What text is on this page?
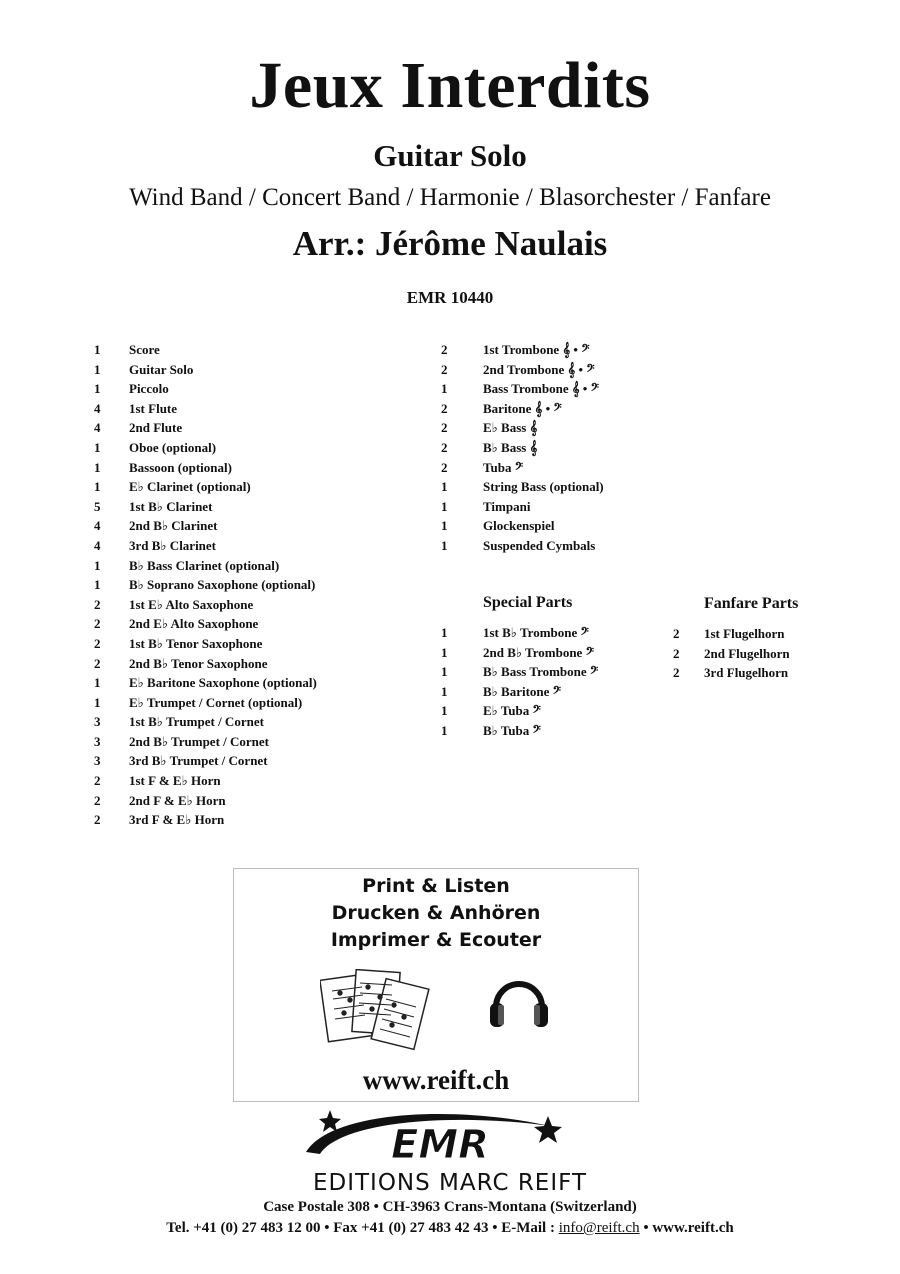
Jeux Interdits
Guitar Solo
Wind Band / Concert Band / Harmonie / Blasorchester / Fanfare
Arr.: Jérôme Naulais
EMR 10440
1 Score
1 Guitar Solo
1 Piccolo
4 1st Flute
4 2nd Flute
1 Oboe (optional)
1 Bassoon (optional)
1 E♭ Clarinet (optional)
5 1st B♭ Clarinet
4 2nd B♭ Clarinet
4 3rd B♭ Clarinet
1 B♭ Bass Clarinet (optional)
1 B♭ Soprano Saxophone (optional)
2 1st E♭ Alto Saxophone
2 2nd E♭ Alto Saxophone
2 1st B♭ Tenor Saxophone
2 2nd B♭ Tenor Saxophone
1 E♭ Baritone Saxophone (optional)
1 E♭ Trumpet / Cornet (optional)
3 1st B♭ Trumpet / Cornet
3 2nd B♭ Trumpet / Cornet
3 3rd B♭ Trumpet / Cornet
2 1st F & E♭ Horn
2 2nd F & E♭ Horn
2 3rd F & E♭ Horn
2	1st Trombone 𝄞 • 𝄢
2	2nd Trombone 𝄞 • 𝄢
1	Bass Trombone 𝄞 • 𝄢
2	Baritone 𝄞 • 𝄢
2	E♭ Bass 𝄞
2	B♭ Bass 𝄞
2	Tuba 𝄢
1	String Bass (optional)
1	Timpani
1	Glockenspiel
1	Suspended Cymbals
Special Parts
1	1st B♭ Trombone 𝄢
1	2nd B♭ Trombone 𝄢
1	B♭ Bass Trombone 𝄢
1	B♭ Baritone 𝄢
1	E♭ Tuba 𝄢
1	B♭ Tuba 𝄢
Fanfare Parts
2 1st Flugelhorn
2 2nd Flugelhorn
2 3rd Flugelhorn
Print & Listen
Drucken & Anhören
Imprimer & Ecouter
www.reift.ch
EMR
EDITIONS MARC REIFT
Case Postale 308 • CH-3963 Crans-Montana (Switzerland)
Tel. +41 (0) 27 483 12 00 • Fax +41 (0) 27 483 42 43 • E-Mail : info@reift.ch • www.reift.ch
